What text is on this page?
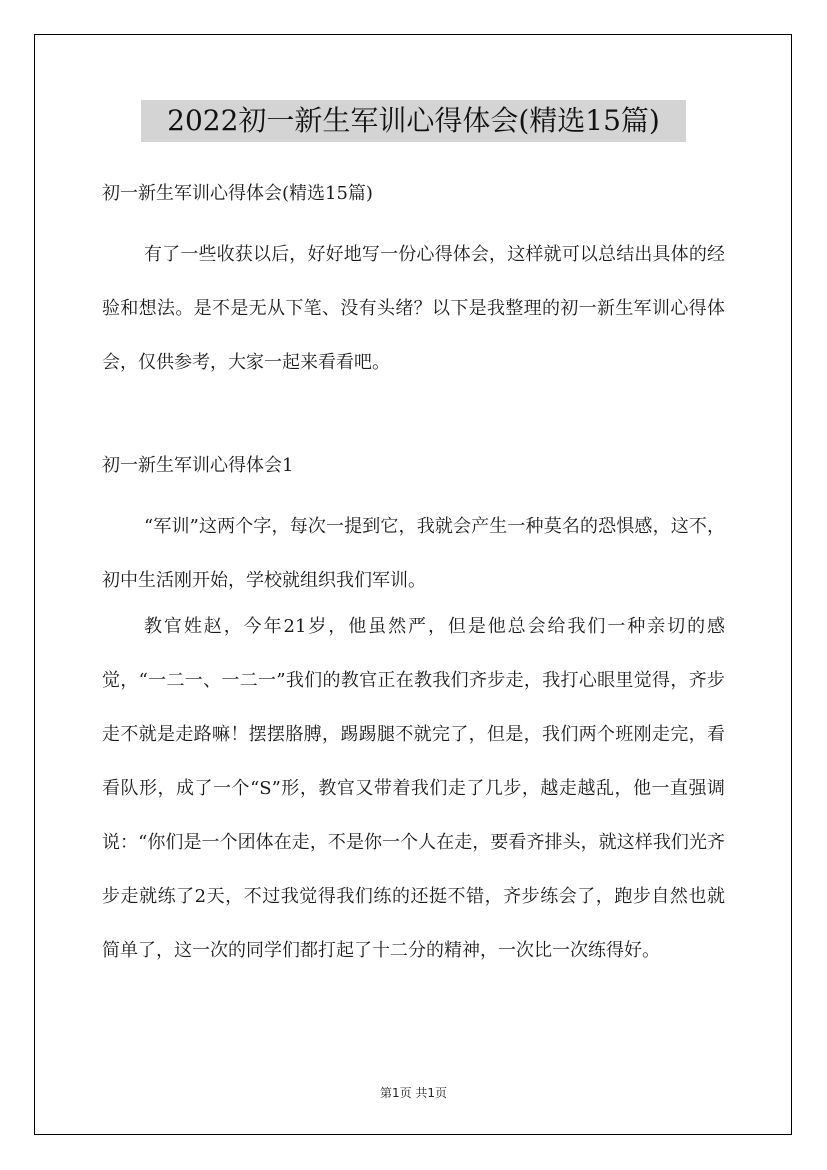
2022初一新生军训心得体会(精选15篇)
初一新生军训心得体会(精选15篇)
有了一些收获以后，好好地写一份心得体会，这样就可以总结出具体的经验和想法。是不是无从下笔、没有头绪？以下是我整理的初一新生军训心得体会，仅供参考，大家一起来看看吧。
初一新生军训心得体会1
“军训”这两个字，每次一提到它，我就会产生一种莫名的恐惧感，这不，初中生活刚开始，学校就组织我们军训。
教官姓赵，今年21岁，他虽然严，但是他总会给我们一种亲切的感觉，“一二一、一二一”我们的教官正在教我们齐步走，我打心眼里觉得，齐步走不就是走路嘛！摆摆胳膊，踢踢腿不就完了，但是，我们两个班刚走完，看看队形，成了一个“S”形，教官又带着我们走了几步，越走越乱，他一直强调说：“你们是一个团体在走，不是你一个人在走，要看齐排头，就这样我们光齐步走就练了2天，不过我觉得我们练的还挺不错，齐步练会了，跑步自然也就简单了，这一次的同学们都打起了十二分的精神，一次比一次练得好。
第1页 共1页
